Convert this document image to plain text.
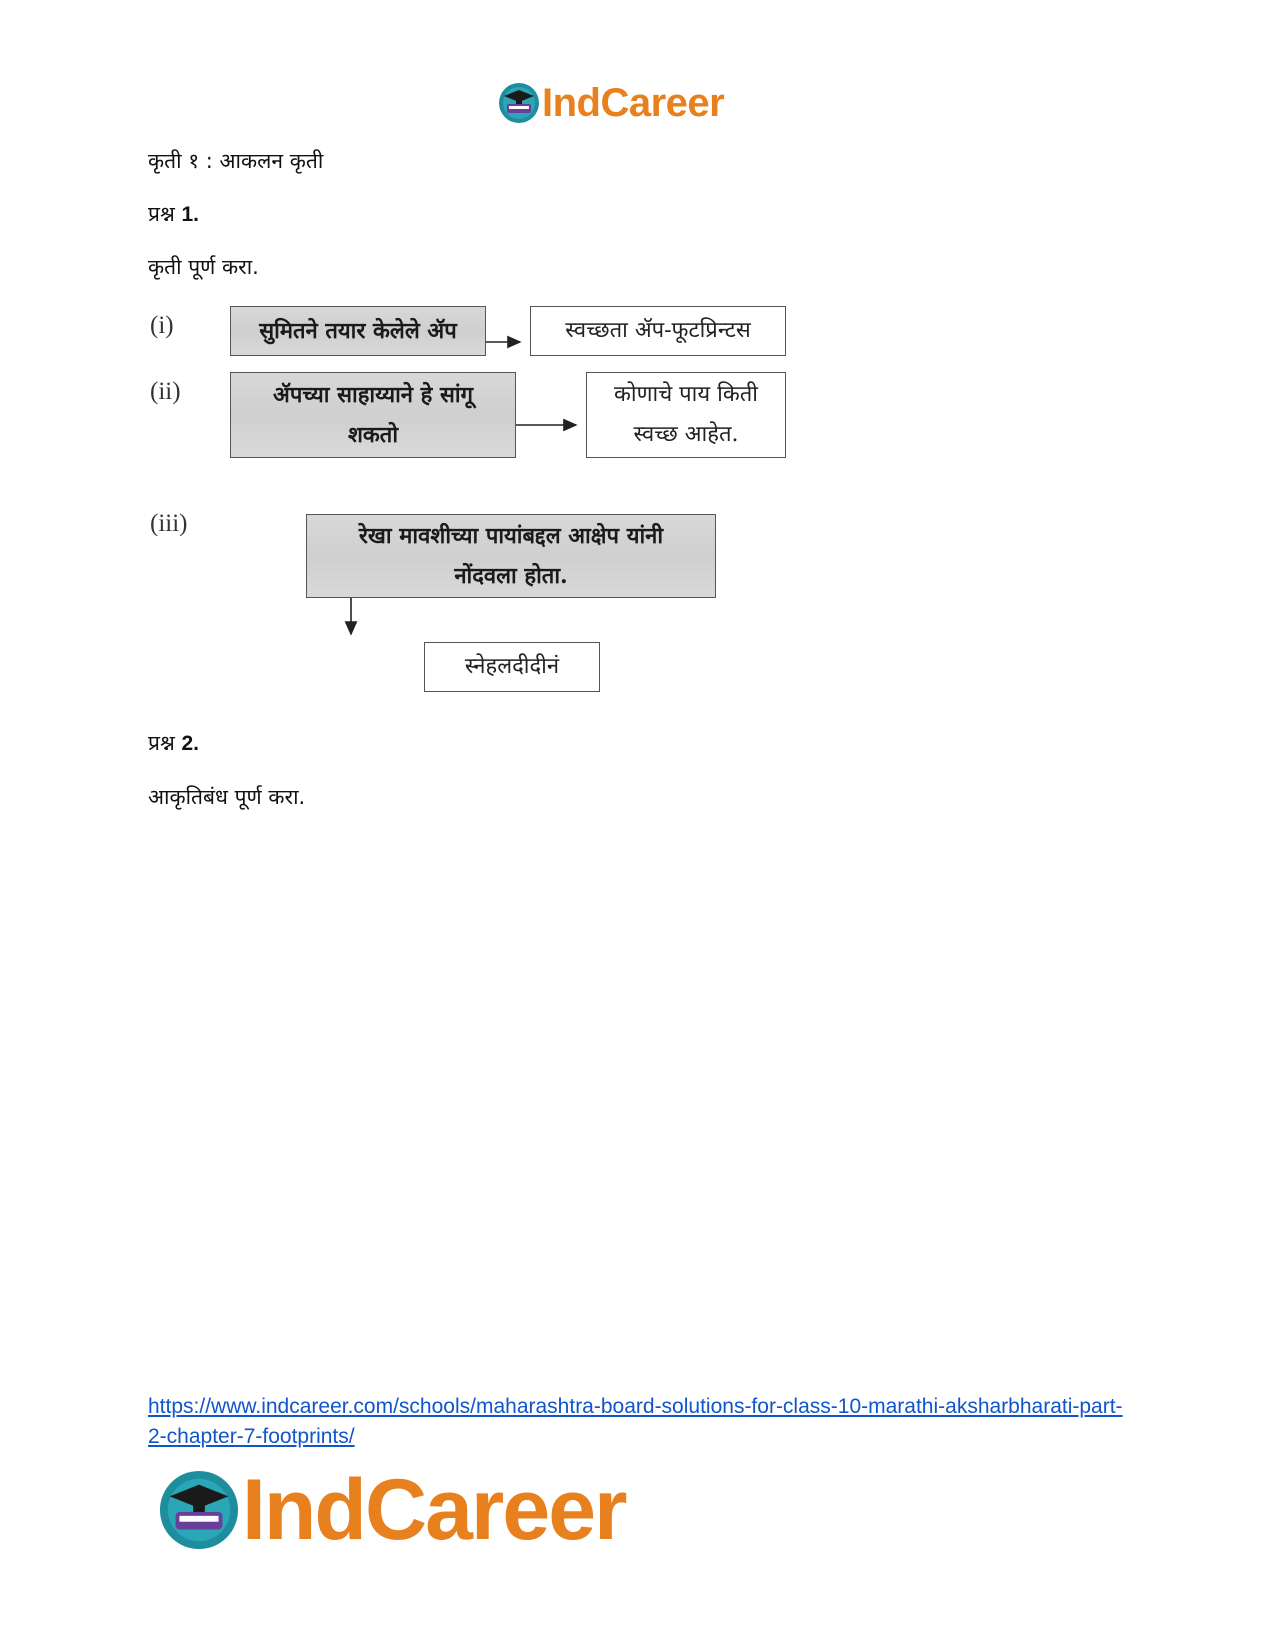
IndCareer
कृती १ : आकलन कृती
प्रश्न 1.
कृती पूर्ण करा.
(i)	सुमितने तयार केलेले ॲप	स्वच्छता ॲप-फूटप्रिन्टस
(ii)	ॲपच्या साहाय्याने हे सांगू शकतो
कोणाचे पाय किती स्वच्छ आहेत.
(iii)	रेखा मावशीच्या पायांबद्दल आक्षेप यांनी नोंदवला होता.
स्नेहलदीदीनं
प्रश्न 2.
आकृतिबंध पूर्ण करा.
https://www.indcareer.com/schools/maharashtra-board-solutions-for-class-10-marathi-aksharbharati-part-2-chapter-7-footprints/
IndCareer
